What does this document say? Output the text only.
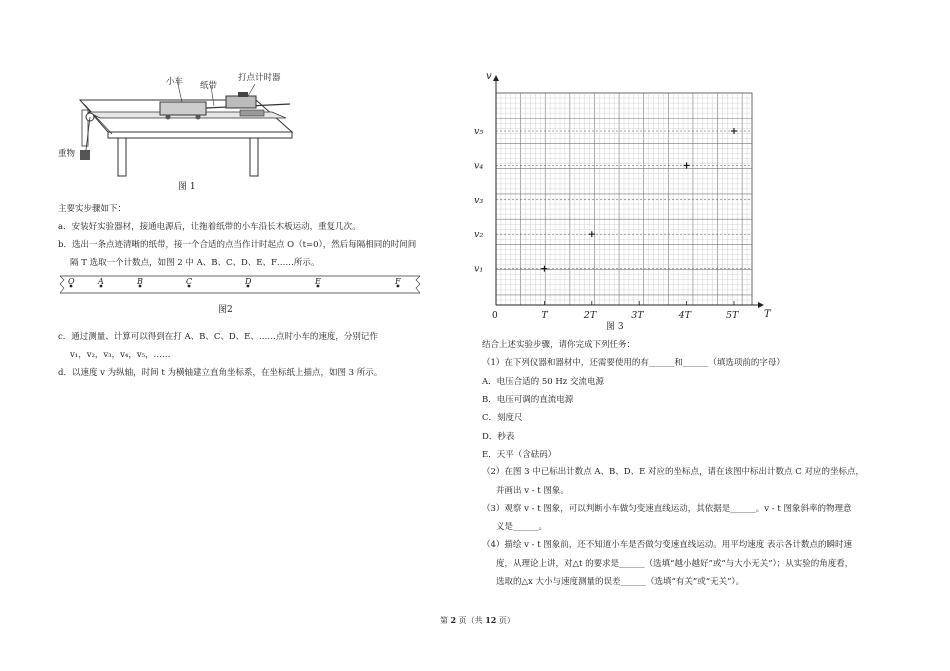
小车 纸带
打点计时器
重物
图 1
主要实步骤如下：
a．安装好实验器材，接通电源后，让拖着纸带的小车沿长木板运动，重复几次。
b．选出一条点迹清晰的纸带，接一个合适的点当作计时起点 O（t=0），然后每隔相同的时间间
隔 T 选取一个计数点，如图 2 中 A、B、C、D、E、F……所示。
O	A	B	C	D	E	F
图2
c．通过测量、计算可以得到在打 A、B、C、D、E、……点时小车的速度，分别记作
v₁，v₂，v₃，v₄，v₅，……
d．以速度 v 为纵轴，时间 t 为横轴建立直角坐标系，在坐标纸上描点，如图 3 所示。
v
T
0	T	2T	3T	4T	5T
v₁
v₂
v₃
v₄
v₅
图 3
结合上述实验步骤，请你完成下列任务：
（1）在下列仪器和器材中，还需要使用的有______和______（填选项前的字母）
A．电压合适的 50 Hz 交流电源
B．电压可调的直流电源
C．刻度尺
D．秒表
E．天平（含砝码）
（2）在图 3 中已标出计数点 A、B、D、E 对应的坐标点，请在该图中标出计数点 C 对应的坐标点，
并画出 v - t 图象。
（3）观察 v - t 图象，可以判断小车做匀变速直线运动，其依据是______。v - t 图象斜率的物理意
义是______。
（4）描绘 v - t 图象前，还不知道小车是否做匀变速直线运动。用平均速度 表示各计数点的瞬时速
度，从理论上讲，对△t 的要求是______（选填“越小越好”或“与大小无关”）；从实验的角度看，
选取的△x 大小与速度测量的误差______（选填“有关”或“无关”）。
第 2 页（共 12 页）
